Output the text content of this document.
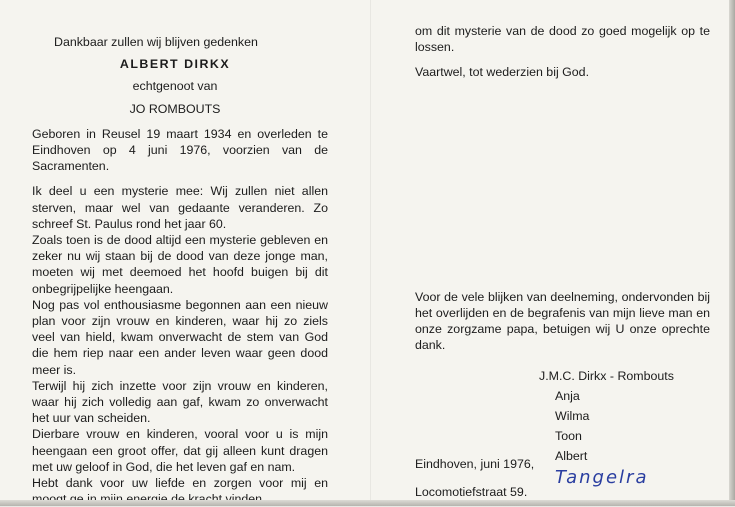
Dankbaar zullen wij blijven gedenken

ALBERT DIRKX

echtgenoot van

JO ROMBOUTS

Geboren in Reusel 19 maart 1934 en overleden te Eindhoven op 4 juni 1976, voorzien van de Sacramenten.

Ik deel u een mysterie mee: Wij zullen niet allen sterven, maar wel van gedaante veranderen. Zo schreef St. Paulus rond het jaar 60.

Zoals toen is de dood altijd een mysterie gebleven en zeker nu wij staan bij de dood van deze jonge man, moeten wij met deemoed het hoofd buigen bij dit onbegrijpelijke heengaan.

Nog pas vol enthousiasme begonnen aan een nieuw plan voor zijn vrouw en kinderen, waar hij zo ziels veel van hield, kwam onverwacht de stem van God die hem riep naar een ander leven waar geen dood meer is.

Terwijl hij zich inzette voor zijn vrouw en kinderen, waar hij zich volledig aan gaf, kwam zo onverwacht het uur van scheiden.

Dierbare vrouw en kinderen, vooral voor u is mijn heengaan een groot offer, dat gij alleen kunt dragen met uw geloof in God, die het leven gaf en nam.

Hebt dank voor uw liefde en zorgen voor mij en

om dit mysterie van de dood zo goed mogelijk op te lossen.

Vaartwel, tot wederzien bij God.

Voor de vele blijken van deelneming, ondervonden bij het overlijden en de begrafenis van mijn lieve man en onze zorgzame papa, betuigen wij U onze oprechte dank.

J.M.C. Dirkx - Rombouts
Anja
Wilma
Toon
Albert

Eindhoven, juni 1976,

Locomotiefstraat 59.

Tangelra
